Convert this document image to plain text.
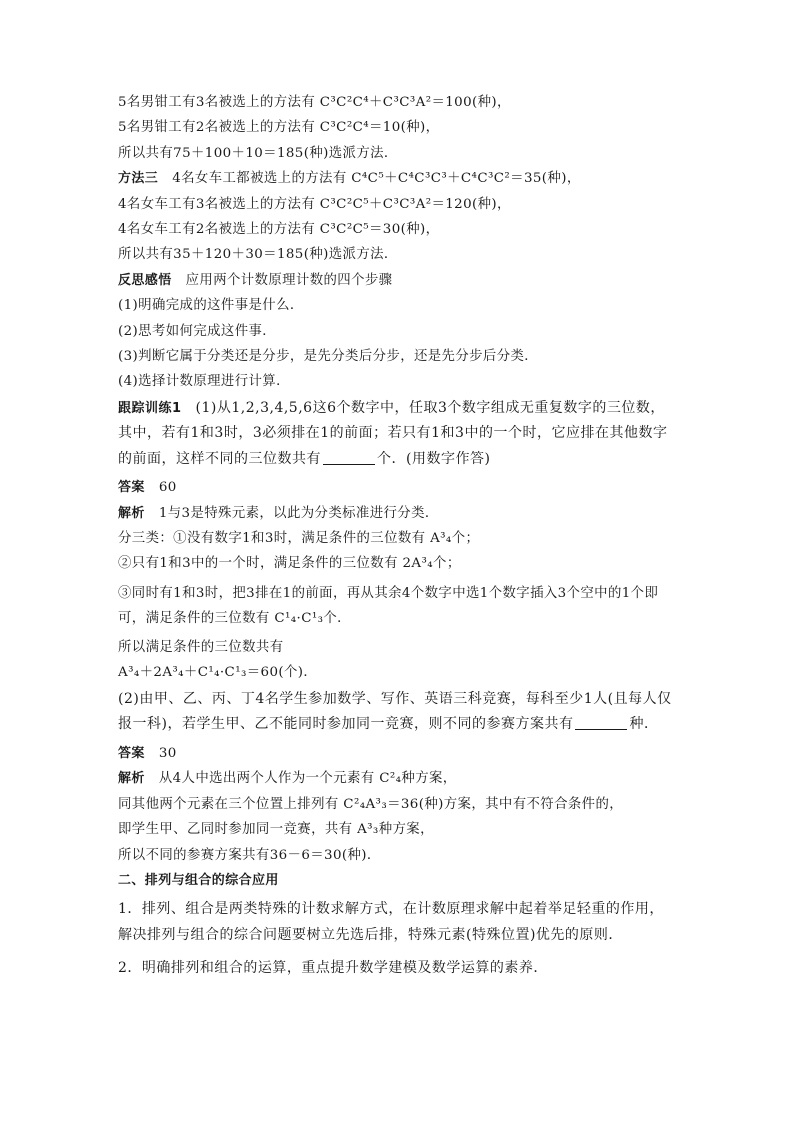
5名男钳工有3名被选上的方法有 C³C²C⁴＋C³C³A²＝100(种)，
5名男钳工有2名被选上的方法有 C³C²C⁴＝10(种)，
所以共有75＋100＋10＝185(种)选派方法．
方法三 4名女车工都被选上的方法有 C⁴C⁵＋C⁴C³C³＋C⁴C³C²＝35(种)，
4名女车工有3名被选上的方法有 C³C²C⁵＋C³C³A²＝120(种)，
4名女车工有2名被选上的方法有 C³C²C⁵＝30(种)，
所以共有35＋120＋30＝185(种)选派方法．
反思感悟 应用两个计数原理计数的四个步骤
(1)明确完成的这件事是什么．
(2)思考如何完成这件事．
(3)判断它属于分类还是分步，是先分类后分步，还是先分步后分类．
(4)选择计数原理进行计算．
跟踪训练1 (1)从1,2,3,4,5,6这6个数字中，任取3个数字组成无重复数字的三位数，其中，若有1和3时，3必须排在1的前面；若只有1和3中的一个时，它应排在其他数字的前面，这样不同的三位数共有	个．(用数字作答)
答案 60
解析 1与3是特殊元素，以此为分类标准进行分类．
分三类：①没有数字1和3时，满足条件的三位数有 A³₄个；
②只有1和3中的一个时，满足条件的三位数有 2A³₄个；
③同时有1和3时，把3排在1的前面，再从其余4个数字中选1个数字插入3个空中的1个即可，满足条件的三位数有 C¹₄·C¹₃个．
所以满足条件的三位数共有
A³₄＋2A³₄＋C¹₄·C¹₃＝60(个)．
(2)由甲、乙、丙、丁4名学生参加数学、写作、英语三科竞赛，每科至少1人(且每人仅报一科)，若学生甲、乙不能同时参加同一竞赛，则不同的参赛方案共有	种．
答案 30
解析 从4人中选出两个人作为一个元素有 C²₄种方案，
同其他两个元素在三个位置上排列有 C²₄A³₃＝36(种)方案，其中有不符合条件的，
即学生甲、乙同时参加同一竞赛，共有 A³₃种方案，
所以不同的参赛方案共有36－6＝30(种)．
二、排列与组合的综合应用
1．排列、组合是两类特殊的计数求解方式，在计数原理求解中起着举足轻重的作用，解决排列与组合的综合问题要树立先选后排，特殊元素(特殊位置)优先的原则．
2．明确排列和组合的运算，重点提升数学建模及数学运算的素养．
